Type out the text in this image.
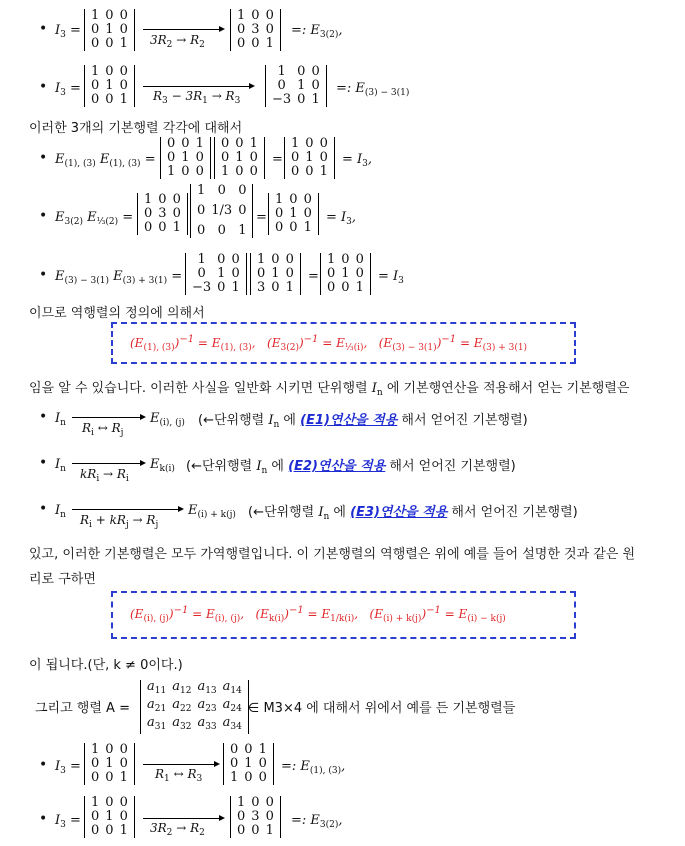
• $I_3$ =
1	0	0
0	1	0
0	0	1 $3R_2 \to R_2$
1	0	0
0	3	0
0	0	1
=: $E_{3(2)}$,
• $I_3$ =
1	0	0
0	1	0
0	0	1 $R_3 - 3R_1 \to R_3$
1	0	0
0	1	0
−3	0	1
=: $E_{(3) - 3(1)}$
이러한 3개의 기본행렬 각각에 대해서
• $E_{(1), (3)}$ $E_{(1), (3)}$ =
0	0	1
0	1	0
1	0	0
0	0	1
0	1	0
1	0	0
=
1	0	0
0	1	0
0	0	1
= $I_3$,
• $E_{3(2)}$ $E_{\frac{1}{3}(2)}$ =
1	0	0
0	3	0
0	0	1
1	0	0
0	1/3	0
0	0	1
=
1	0	0
0	1	0
0	0	1
= $I_3$,
• $E_{(3) - 3(1)}$ $E_{(3) + 3(1)}$ =
1	0	0
0	1	0
−3	0	1
1	0	0
0	1	0
3	0	1
=
1	0	0
0	1	0
0	0	1
= $I_3$
이므로 역행렬의 정의에 의해서
$(E_{(1), (3)})^{-1} = E_{(1), (3)}$,   $(E_{3(2)})^{-1} = E_{\frac{1}{3}(i)}$,   $(E_{(3) - 3(1)})^{-1} = E_{(3) + 3(1)}$
임을 알 수 있습니다. 이러한 사실을 일반화 시키면 단위행렬 $I_n$ 에 기본행연산을 적용해서 얻는 기본행렬은
• $I_n$ $R_i$ ↔ $R_j$
$E_{(i), (j)}$ (←단위행렬 $I_n$ 에 (E1)연산을 적용 해서 얻어진 기본행렬)
• $I_n$ $kR_i \to R_i$
$E_{k(i)}$ (←단위행렬 $I_n$ 에 (E2)연산을 적용 해서 얻어진 기본행렬)
• $I_n$ $R_i + kR_j \to R_j$
$E_{(i) + k(j)}$ (←단위행렬 $I_n$ 에 (E3)연산을 적용 해서 얻어진 기본행렬)
있고, 이러한 기본행렬은 모두 가역행렬입니다. 이 기본행렬의 역행렬은 위에 예를 들어 설명한 것과 같은 원
리로 구하면
$(E_{(i), (j)})^{-1} = E_{(i), (j)}$,   $(E_{k(i)})^{-1} = E_{1/k(i)}$,   $(E_{(i) + k(j)})^{-1} = E_{(i) - k(j)}$
이 됩니다.(단, k ≠ 0이다.)
그리고 행렬 A =
$a_{11}$	$a_{12}$	$a_{13}$	$a_{14}$
$a_{21}$	$a_{22}$	$a_{23}$	$a_{24}$
$a_{31}$	$a_{32}$	$a_{33}$	$a_{34}$
∈ M3×4 에 대해서 위에서 예를 든 기본행렬들
• $I_3$ =
1	0	0
0	1	0
0	0	1 $R_1$ ↔ $R_3$
0	0	1
0	1	0
1	0	0
=: $E_{(1), (3)}$,
• $I_3$ =
1	0	0
0	1	0
0	0	1 $3R_2 \to R_2$
1	0	0
0	3	0
0	0	1
=: $E_{3(2)}$,
